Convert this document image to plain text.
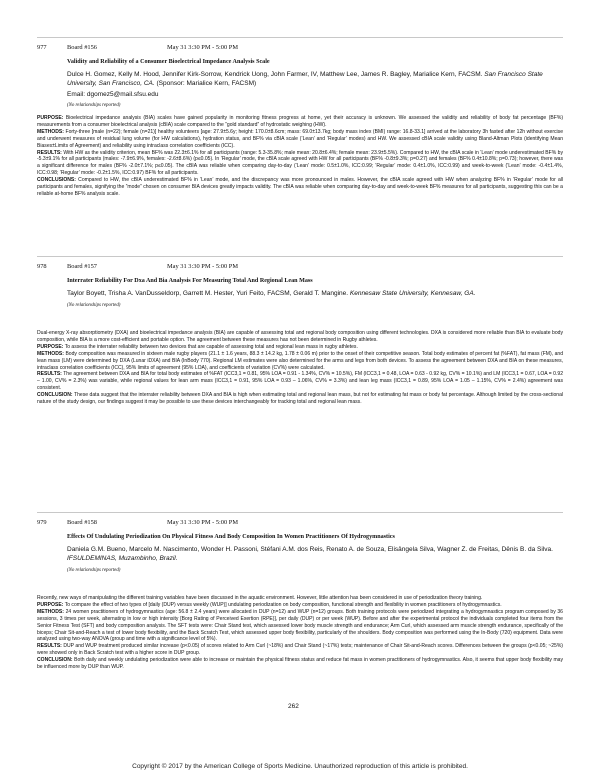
977	Board #156	May 31 3:30 PM - 5:00 PM
Validity and Reliability of a Consumer Bioelectrical Impedance Analysis Scale
Dulce H. Gomez, Kelly M. Hood, Jennifer Kirk-Sorrow, Kendrick Uong, John Farmer, IV, Matthew Lee, James R. Bagley, Marialice Kern, FACSM. San Francisco State University, San Francisco, CA. (Sponsor: Marialice Kern, FACSM)
Email: dgomez5@mail.sfsu.edu
(No relationships reported)
PURPOSE: Bioelectrical impedance analysis (BIA) scales have gained popularity in monitoring fitness progress at home, yet their accuracy is unknown. We assessed the validity and reliability of body fat percentage (BF%) measurements from a consumer bioelectrical analysis (cBIA) scale compared to the “gold standard” of hydrostatic weighing (HW).
METHODS: Forty-three [male (n=22); female (n=21)] healthy volunteers [age: 27.9±5.6y; height: 170.0±8.6cm; mass: 69.0±13.7kg; body mass index (BMI) range: 16.8-33.1] arrived at the laboratory 3h fasted after 12h without exercise and underwent measures of residual lung volume (for HW calculations), hydration status, and BF% via cBIA scale (‘Lean’ and ‘Regular’ modes) and HW. We assessed cBIA scale validity using Bland-Altman Plots (identifying Mean Biases±Limits of Agreement) and reliability using intraclass correlation coefficients (ICC).
RESULTS: With HW as the validity criterion, mean BF% was 22.3±6.1% for all participants (range: 5.3-35.8%; male mean: 20.8±6.4%; female mean: 23.9±5.5%). Compared to HW, the cBIA scale in ‘Lean’ mode underestimated BF% by -5.3±9.1% for all participants (males: -7.9±6.9%, females: -2.6±8.6%) (p≤0.05). In ‘Regular’ mode, the cBIA scale agreed with HW for all participants (BF% -0.8±9.3%; p=0.27) and females (BF% 0.4±10.8%; p=0.73); however, there was a significant difference for males (BF% -2.0±7.1%; p≤0.05). The cBIA was reliable when comparing day-to-day (‘Lean’ mode: 0.5±1.0%, ICC:0.99; ‘Regular’ mode: 0.4±1.0%, ICC:0.99) and week-to-week (‘Lean’ mode: -0.4±1.4%, ICC:0.98; ‘Regular’ mode: -0.2±1.5%, ICC:0.97) BF% for all participants.
CONCLUSIONS: Compared to HW, the cBIA underestimated BF% in ‘Lean’ mode, and the discrepancy was more pronounced in males. However, the cBIA scale agreed with HW when analyzing BF% in ‘Regular’ mode for all participants and females, signifying the “mode” chosen on consumer BIA devices greatly impacts validity. The cBIA was reliable when comparing day-to-day and week-to-week BF% measures for all participants, suggesting this can be a reliable at-home BF% analysis scale.
978	Board #157	May 31 3:30 PM - 5:00 PM
Interrater Reliability For Dxa And Bia Analysis For Measuring Total And Regional Lean Mass
Taylor Boyett, Trisha A. VanDusseldorp, Garrett M. Hester, Yuri Feito, FACSM, Gerald T. Mangine. Kennesaw State University, Kennesaw, GA.
(No relationships reported)
Dual-energy X-ray absorptiometry (DXA) and bioelectrical impedance analysis (BIA) are capable of assessing total and regional body composition using different technologies. DXA is considered more reliable than BIA to evaluate body composition, while BIA is a more cost-efficient and portable option. The agreement between these measures has not been determined in Rugby athletes.
PURPOSE: To assess the interrater reliability between two devices that are capable of assessing total and regional lean mass in rugby athletes.
METHODS: Body composition was measured in sixteen male rugby players (21.1 ± 1.6 years, 88.3 ± 14.2 kg, 1.78 ± 0.06 m) prior to the onset of their competitive season. Total body estimates of percent fat (%FAT), fat mass (FM), and lean mass (LM) were determined by DXA (Lunar iDXA) and BIA (InBody 770). Regional LM estimates were also determined for the arms and legs from both devices. To assess the agreement between DXA and BIA on these measures, intraclass correlation coefficients (ICC), 95% limits of agreement (95% LOA), and coefficients of variation (CV%) were calculated.
RESULTS: The agreement between DXA and BIA for total body estimates of %FAT (ICC3,1 = 0.81, 95% LOA = 0.91 - 1.34%, CV% = 10.5%), FM (ICC3,1 = 0.48, LOA = 0.63 - 0.92 kg, CV% = 10.1%) and LM (ICC3,1 = 0.67, LOA = 0.92 – 1.00, CV% = 2.3%) was variable, while regional values for lean arm mass (ICC3,1 = 0.91, 95% LOA = 0.93 – 1.06%, CV% = 3.3%) and lean leg mass (ICC3,1 = 0.89, 95% LOA = 1.05 – 1.15%, CV% = 2.4%) agreement was consistent.
CONCLUSION: These data suggest that the interrater reliability between DXA and BIA is high when estimating total and regional lean mass, but not for estimating fat mass or body fat percentage. Although limited by the cross-sectional nature of the study design, our findings suggest it may be possible to use these devices interchangeably for tracking total and regional lean mass.
979	Board #158	May 31 3:30 PM - 5:00 PM
Effects Of Undulating Periodization On Physical Fitness And Body Composition In Women Practitioners Of Hydrogymnastics
Daniela G.M. Bueno, Marcelo M. Nascimento, Wonder H. Passoni, Stéfani A.M. dos Reis, Renato A. de Souza, Elisângela Silva, Wagner Z. de Freitas, Dênis B. da Silva. IFSULDEMINAS, Muzambinho, Brazil.
(No relationships reported)
Recently, new ways of manipulating the different training variables have been discussed in the aquatic environment. However, little attention has been considered in use of periodization theory training.
PURPOSE: To compare the effect of two types of [daily (DUP) versus weekly (WUP)] undulating periodization on body composition, functional strength and flexibility in women practitioners of hydrogymnastics.
METHODS: 24 women practitioners of hydrogymnastics (age: 56.8 ± 2.4 years) were allocated in DUP (n=12) and WUP (n=12) groups. Both training protocols were periodized integrating a hydrogymnastics program composed by 36 sessions, 3 times per week, alternating in low or high intensity [Borg Rating of Perceived Exertion (RPE)], per daily (DUP) or per week (WUP). Before and after the experimental protocol the individuals completed four items from the Senior Fitness Test (SFT) and body composition analysis. The SFT tests were: Chair Stand test, which assessed lower body muscle strength and endurance; Arm Curl, which assessed arm muscle strength endurance, specifically of the biceps; Chair Sit-and-Reach a test of lower body flexibility, and the Back Scratch Test, which assessed upper body flexibility, particularly of the shoulders. Body composition was performed using the In-Body (720) equipment. Data were analyzed using two-way ANOVA (group and time with a significance level of 5%).
RESULTS: DUP and WUP treatment produced similar increase (p<0.05) of scores related to Arm Curl (~18%) and Chair Stand (~17%) tests; maintenance of Chair Sit-and-Reach scores. Differences between the groups (p<0.05; ~25%) were showed only in Back Scratch test with a higher score in DUP group.
CONCLUSION: Both daily and weekly undulating periodization were able to increase or maintain the physical fitness status and reduce fat mass in women practitioners of hydrogymnastics. Also, it seems that upper body flexibility may be influenced more by DUP than WUP.
262
Copyright © 2017 by the American College of Sports Medicine. Unauthorized reproduction of this article is prohibited.
